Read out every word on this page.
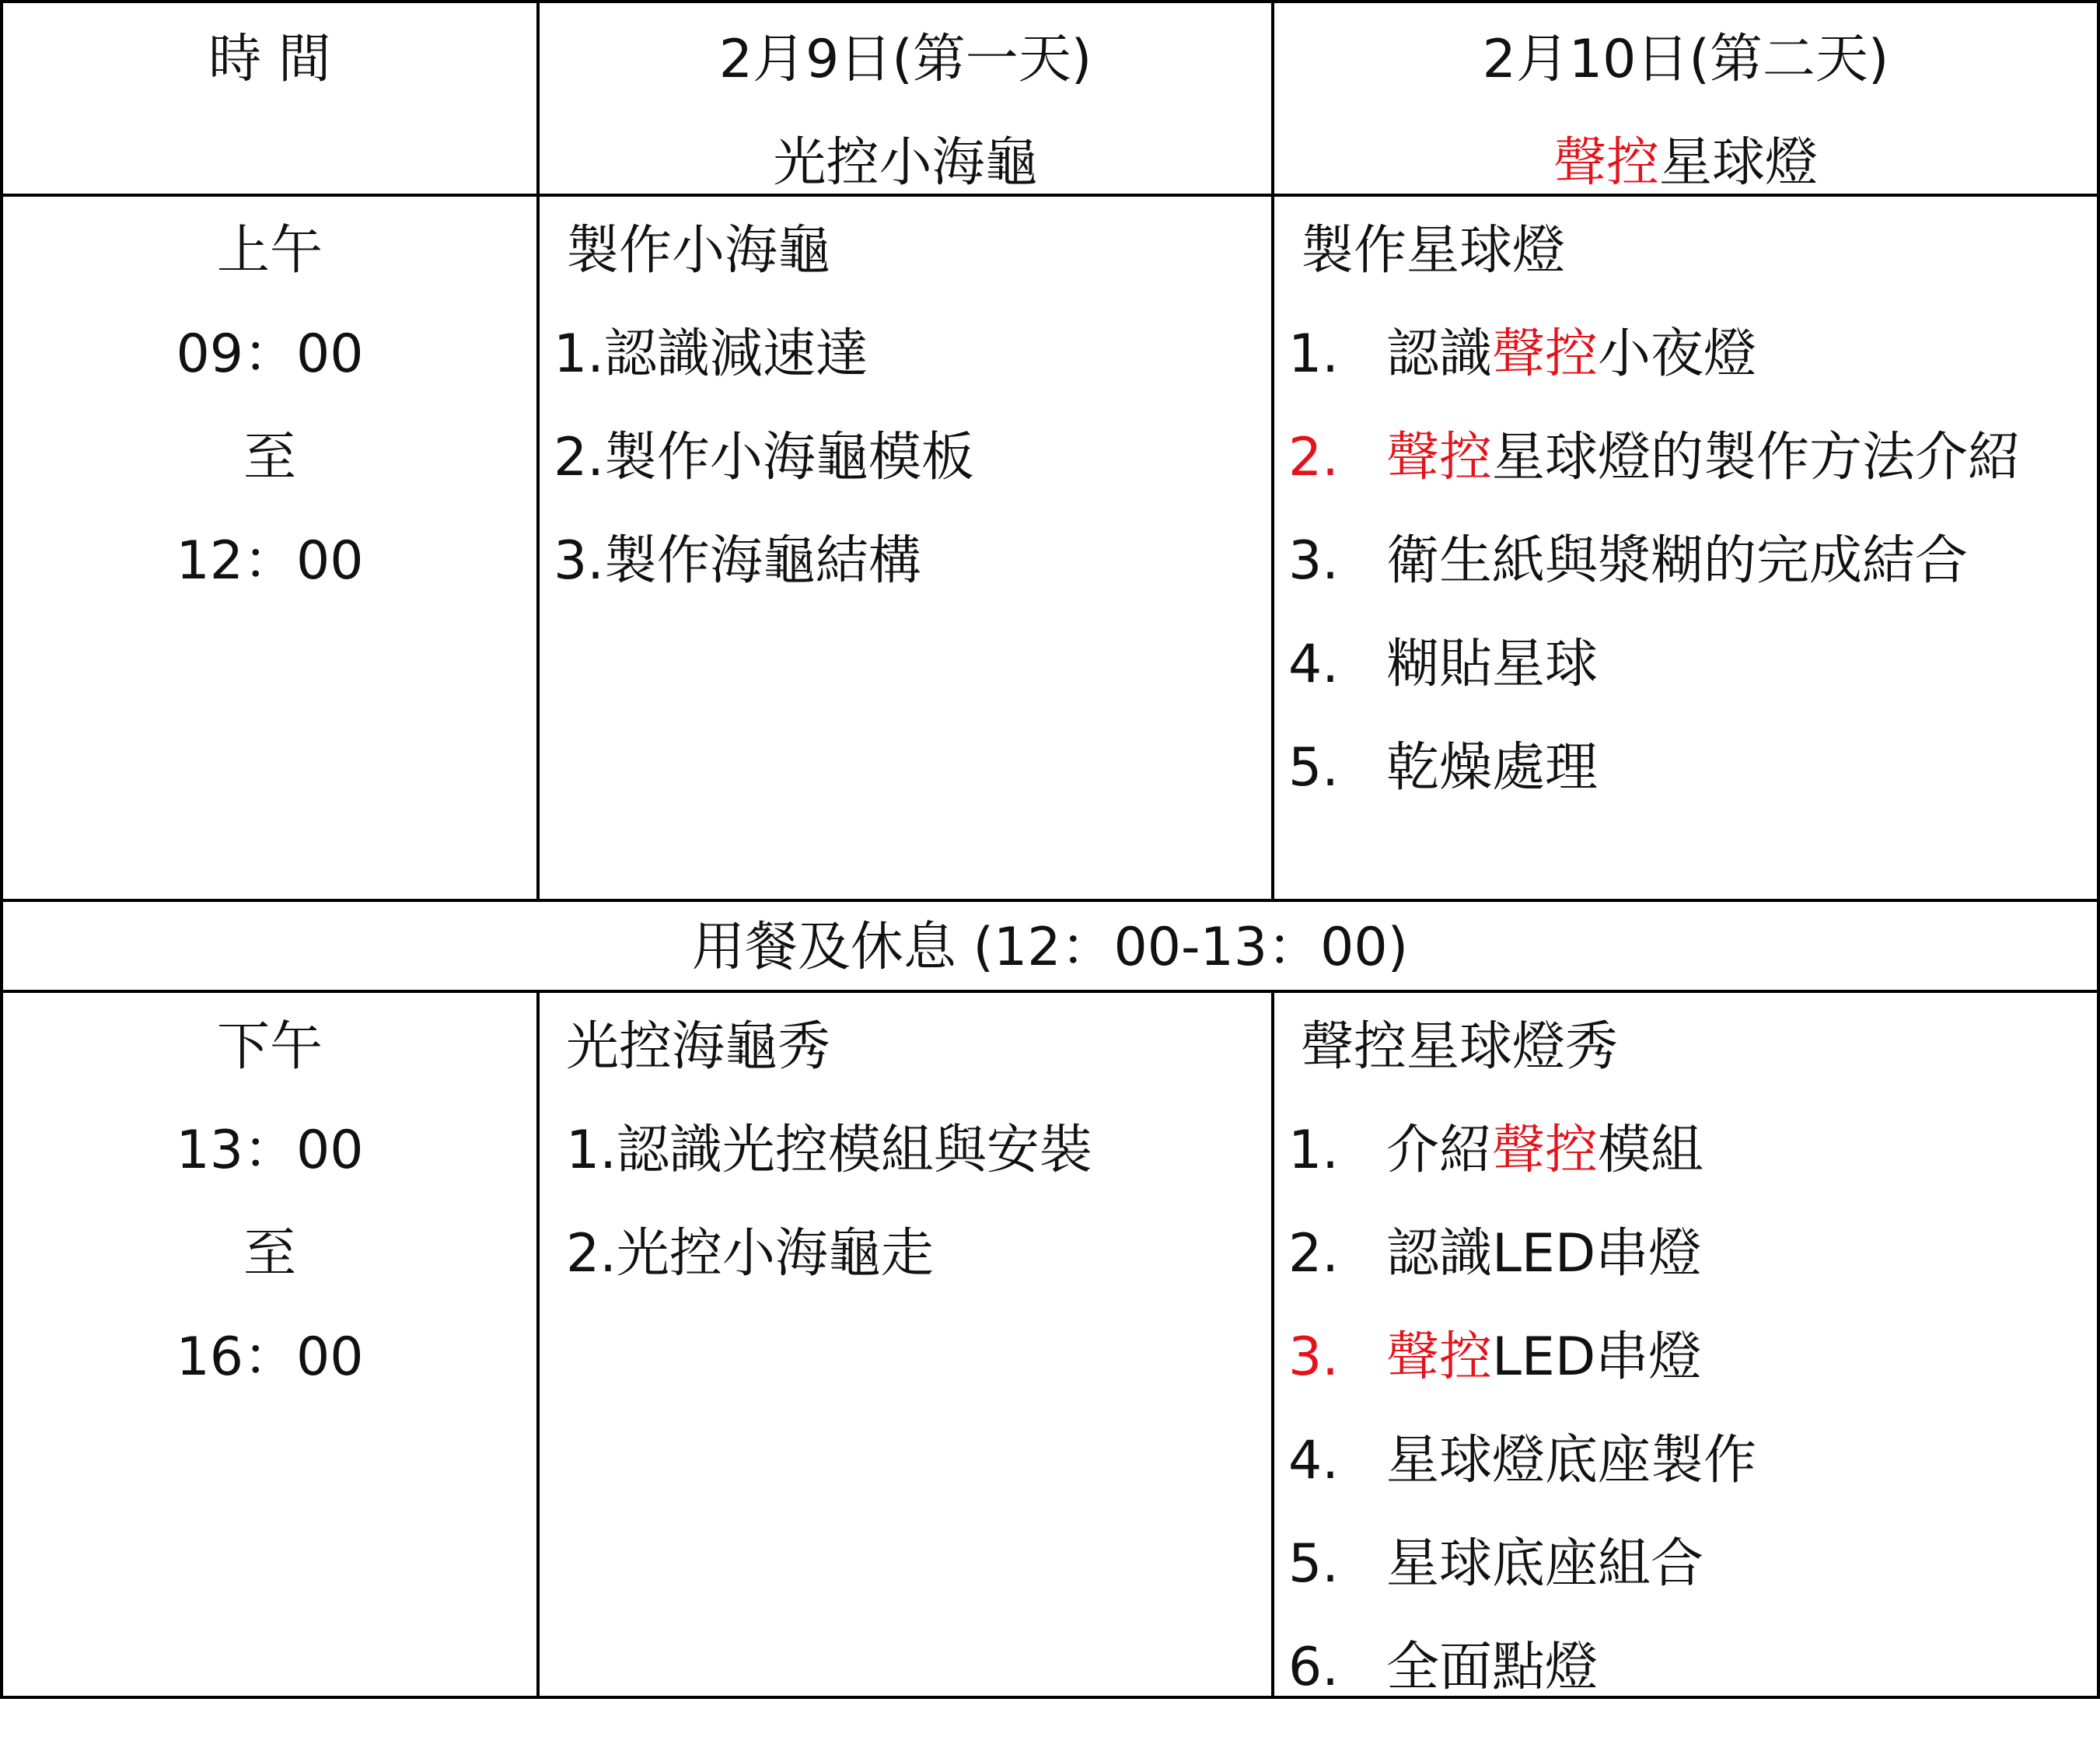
時 間	2月9日(第一天)
光控小海龜
2月10日(第二天)
聲控星球燈
上午
09：00
至
12：00
製作小海龜
1.認識減速達
2.製作小海龜模板
3.製作海龜結構
製作星球燈
1. 認識聲控小夜燈
2. 聲控星球燈的製作方法介紹
3. 衛生紙與漿糊的完成結合
4. 糊貼星球
5. 乾燥處理
用餐及休息 (12：00-13：00)
下午
13：00
至
16：00
光控海龜秀
1.認識光控模組與安裝
2.光控小海龜走
聲控星球燈秀
1. 介紹聲控模組
2. 認識LED串燈
3. 聲控LED串燈
4. 星球燈底座製作
5. 星球底座組合
6. 全面點燈
